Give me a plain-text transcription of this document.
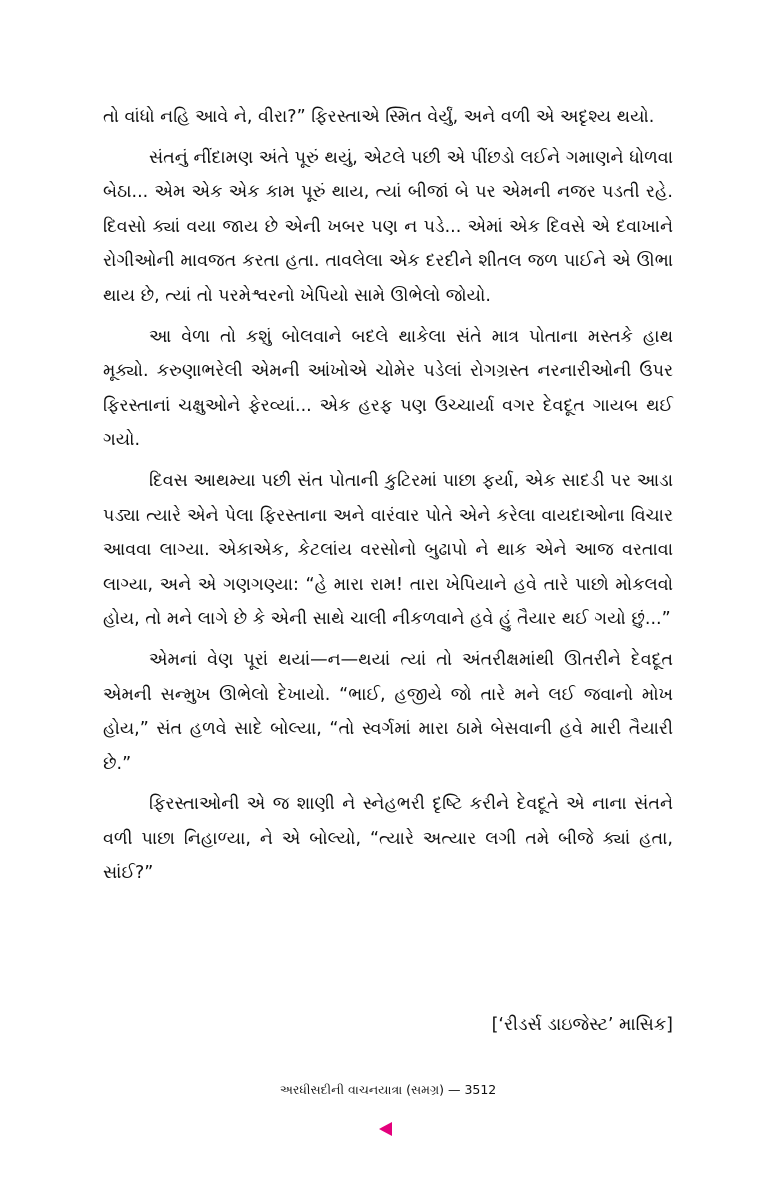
તો વાંધો નહિ આવે ને, વીરા?” ફિરસ્તાએ સ્મિત વેર્યું, અને વળી એ અદૃશ્ય થયો.

સંતનું નીંદામણ અંતે પૂરું થયું, એટલે પછી એ પીંછડો લઈને ગમાણને ધોળવા બેઠા... એમ એક એક કામ પૂરું થાય, ત્યાં બીજાં બે પર એમની નજર પડતી રહે. દિવસો ક્યાં વયા જાય છે એની ખબર પણ ન પડે... એમાં એક દિવસે એ દવાખાને રોગીઓની માવજત કરતા હતા. તાવલેલા એક દરદીને શીતલ જળ પાઈને એ ઊભા થાય છે, ત્યાં તો પરમેશ્વરનો ખેપિયો સામે ઊભેલો જોયો.

આ વેળા તો કશું બોલવાને બદલે થાકેલા સંતે માત્ર પોતાના મસ્તકે હાથ મૂક્યો. કરુણાભરેલી એમની આંખોએ ચોમેર પડેલાં રોગગ્રસ્ત નરનારીઓની ઉપર ફિરસ્તાનાં ચક્ષુઓને ફેરવ્યાં... એક હરફ પણ ઉચ્ચાર્યા વગર દેવદૂત ગાયબ થઈ ગયો.

દિવસ આથમ્યા પછી સંત પોતાની કુટિરમાં પાછા ફર્યા, એક સાદડી પર આડા પડ્યા ત્યારે એને પેલા ફિરસ્તાના અને વારંવાર પોતે એને કરેલા વાયદાઓના વિચાર આવવા લાગ્યા. એકાએક, કેટલાંય વરસોનો બુઢાપો ને થાક એને આજ વરતાવા લાગ્યા, અને એ ગણગણ્યા: “હે મારા રામ! તારા ખેપિયાને હવે તારે પાછો મોકલવો હોય, તો મને લાગે છે કે એની સાથે ચાલી નીકળવાને હવે હું તૈયાર થઈ ગયો છું...”

એમનાં વેણ પૂરાં થયાં—ન—થયાં ત્યાં તો અંતરીક્ષમાંથી ઊતરીને દેવદૂત એમની સન્મુખ ઊભેલો દેખાયો. “ભાઈ, હજીયે જો તારે મને લઈ જવાનો મોખ હોય,” સંત હળવે સાદે બોલ્યા, “તો સ્વર્ગમાં મારા ઠામે બેસવાની હવે મારી તૈયારી છે.”

ફિરસ્તાઓની એ જ શાણી ને સ્નેહભરી દૃષ્ટિ કરીને દેવદૂતે એ નાના સંતને વળી પાછા નિહાળ્યા, ને એ બોલ્યો, “ત્યારે અત્યાર લગી તમે બીજે ક્યાં હતા, સાંઈ?”

[‘રીડર્સ ડાઇજેસ્ટ’ માસિક]
અરધીસદીની વાચનયાત્રા (સમગ્ર) — 3512
